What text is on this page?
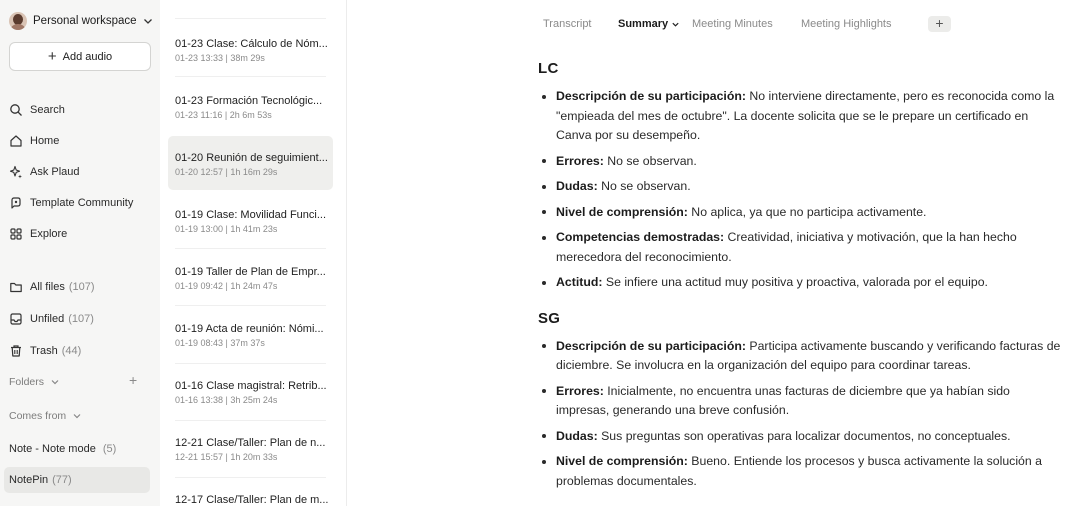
Personal workspace
+ Add audio
Search
Home
Ask Plaud
Template Community
Explore
All files (107)
Unfiled (107)
Trash (44)
Folders	+
Comes from
Note - Note mode (5)
NotePin (77)
01-23 Clase: Cálculo de Nóm...
01-23 13:33 | 38m 29s
01-23 Formación Tecnológic...
01-23 11:16 | 2h 6m 53s
01-20 Reunión de seguimient...
01-20 12:57 | 1h 16m 29s
01-19 Clase: Movilidad Funci...
01-19 13:00 | 1h 41m 23s
01-19 Taller de Plan de Empr...
01-19 09:42 | 1h 24m 47s
01-19 Acta de reunión: Nómi...
01-19 08:43 | 37m 37s
01-16 Clase magistral: Retrib...
01-16 13:38 | 3h 25m 24s
12-21 Clase/Taller: Plan de n...
12-21 15:57 | 1h 20m 33s
12-17 Clase/Taller: Plan de m...
Transcript Summary	Meeting Minutes	Meeting Highlights	+
LC
Descripción de su participación: No interviene directamente, pero es reconocida como la "empieada del mes de octubre". La docente solicita que se le prepare un certificado en Canva por su desempeño.
Errores: No se observan.
Dudas: No se observan.
Nivel de comprensión: No aplica, ya que no participa activamente.
Competencias demostradas: Creatividad, iniciativa y motivación, que la han hecho merecedora del reconocimiento.
Actitud: Se infiere una actitud muy positiva y proactiva, valorada por el equipo.
SG
Descripción de su participación: Participa activamente buscando y verificando facturas de diciembre. Se involucra en la organización del equipo para coordinar tareas.
Errores: Inicialmente, no encuentra unas facturas de diciembre que ya habían sido impresas, generando una breve confusión.
Dudas: Sus preguntas son operativas para localizar documentos, no conceptuales.
Nivel de comprensión: Bueno. Entiende los procesos y busca activamente la solución a problemas documentales.
